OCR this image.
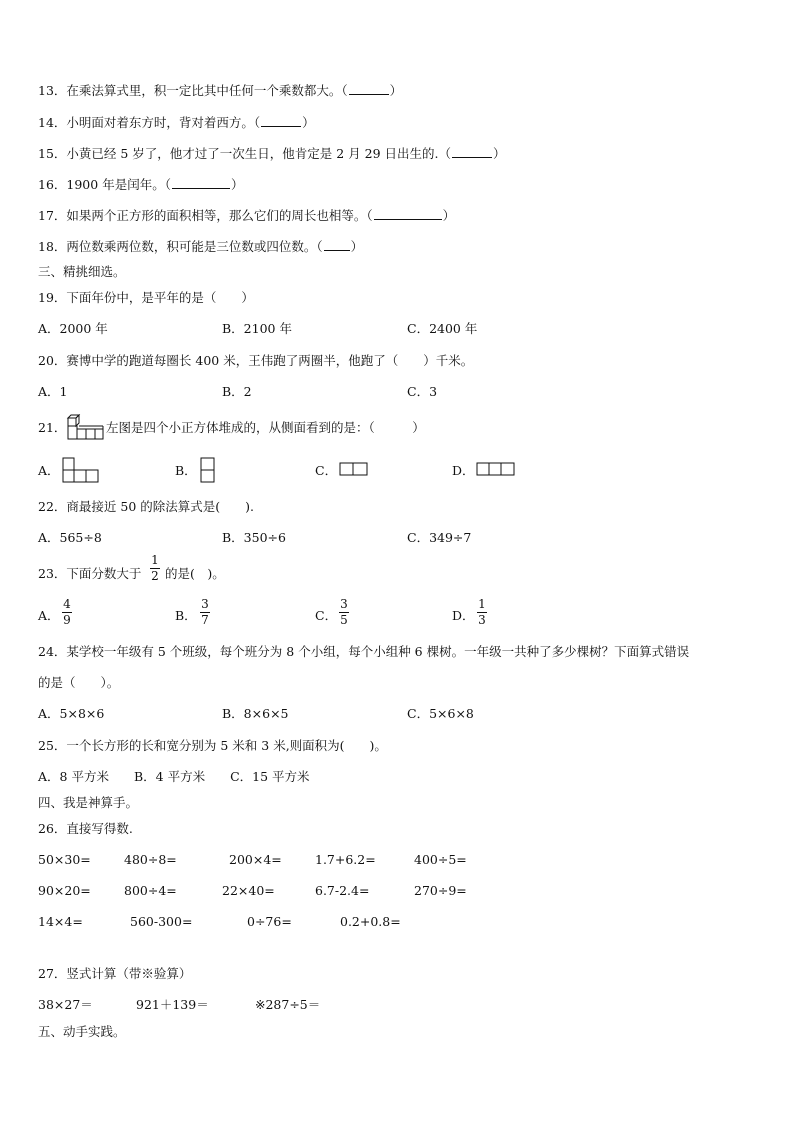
13．在乘法算式里，积一定比其中任何一个乘数都大。（	）
14．小明面对着东方时，背对着西方。（	）
15．小黄已经 5 岁了，他才过了一次生日，他肯定是 2 月 29 日出生的.（	）
16．1900 年是闰年。（	）
17．如果两个正方形的面积相等，那么它们的周长也相等。（	）
18．两位数乘两位数，积可能是三位数或四位数。（ ）
三、精挑细选。
19．下面年份中，是平年的是（　　）
A．2000 年	B．2100 年	C．2400 年
20．赛博中学的跑道每圈长 400 米，王伟跑了两圈半，他跑了（　　）千米。
A．1	B．2	C．3
21．	左图是四个小正方体堆成的，从侧面看到的是：（　　　）
A．	B．	C．	D．
22．商最接近 50 的除法算式是(　　).
A．565÷8	B．350÷6	C．349÷7
23．下面分数大于
1
2 的是(　)。
A．
4
9	B．
3
7	C．
3
5	D．
1
3
24．某学校一年级有 5 个班级，每个班分为 8 个小组，每个小组种 6 棵树。一年级一共种了多少棵树？下面算式错误
的是（　　）。
A．5×8×6	B．8×6×5	C．5×6×8
25．一个长方形的长和宽分别为 5 米和 3 米,则面积为(　　)。
A．8 平方米　　B．4 平方米　　C．15 平方米
四、我是神算手。
26．直接写得数.
50×30=	480÷8=	200×4=	1.7+6.2=	400÷5=
90×20=	800÷4=	22×40=	6.7-2.4=	270÷9=
14×4=	560-300=	0÷76=	0.2+0.8=
27．竖式计算（带※验算）
38×27＝	921＋139＝	※287÷5＝
五、动手实践。
